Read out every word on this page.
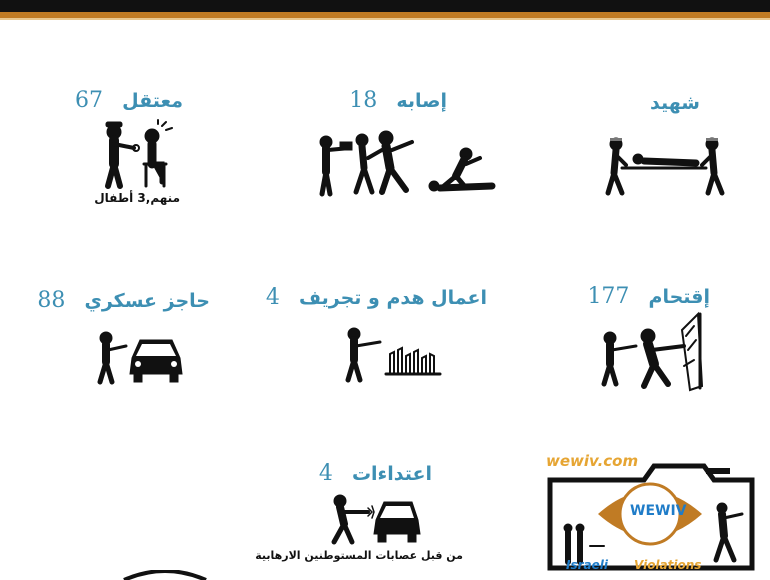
شهيد
إصابه 18
معتقل 67
منهم,3 أطفال
إقتحام 177
اعمال هدم و تجريف 4
حاجز عسكري 88
اعتداءات 4
من قبل عصابات المستوطنين الارهابية
wewiv.com
WEWIV
Israeli Violations
